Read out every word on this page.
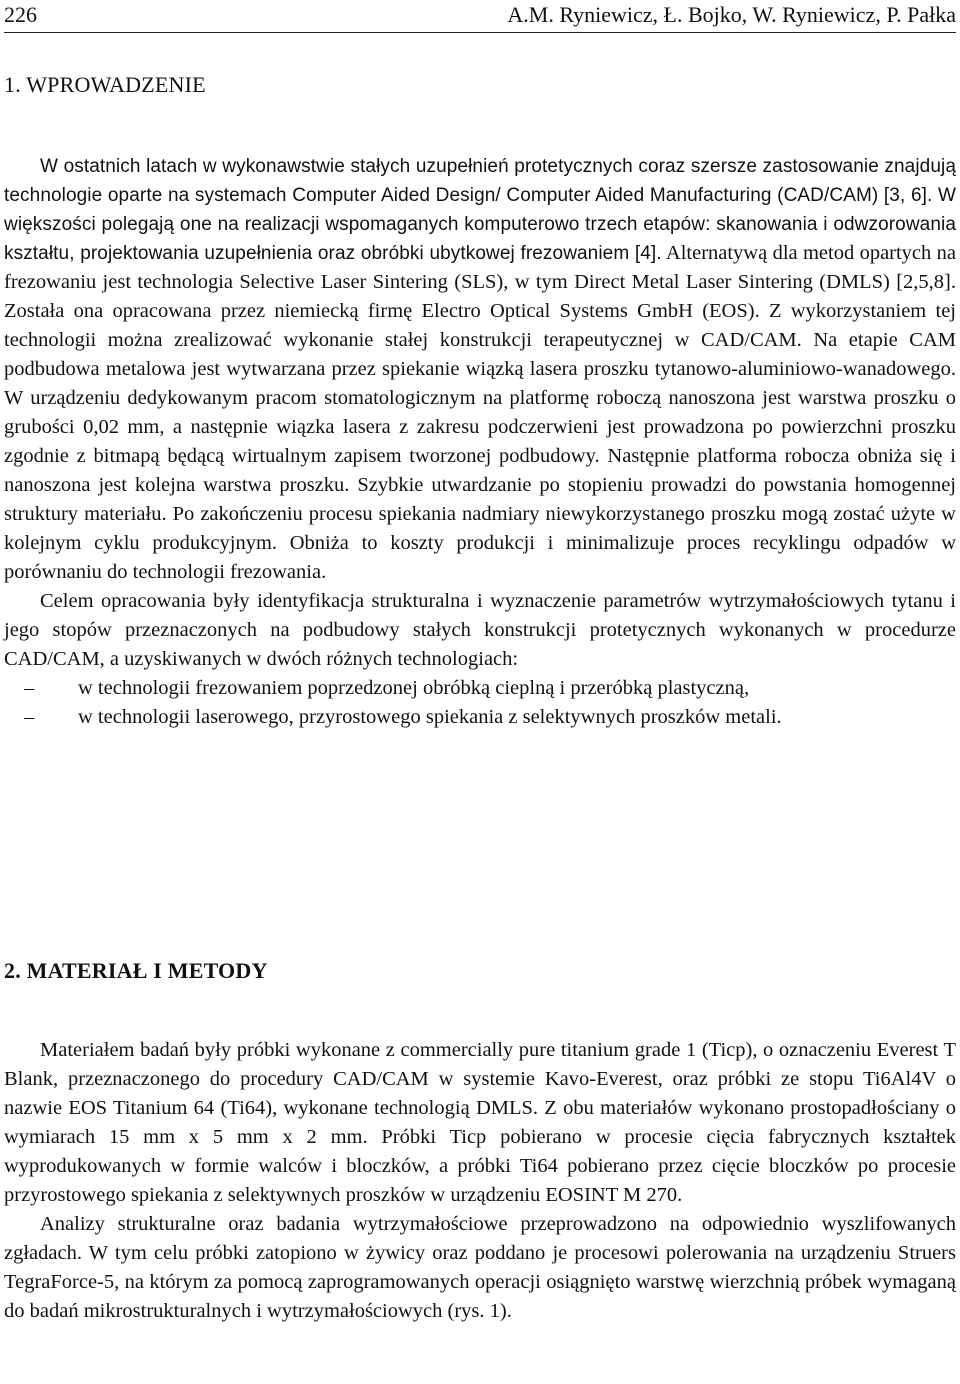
226	A.M. Ryniewicz, Ł. Bojko, W. Ryniewicz, P. Pałka
1. WPROWADZENIE

W ostatnich latach w wykonawstwie stałych uzupełnień protetycznych coraz szersze zastosowanie znajdują technologie oparte na systemach Computer Aided Design/ Computer Aided Manufacturing (CAD/CAM) [3, 6]. W większości polegają one na realizacji wspomaganych komputerowo trzech etapów: skanowania i odwzorowania kształtu, projektowania uzupełnienia oraz obróbki ubytkowej frezowaniem [4]. Alternatywą dla metod opartych na frezowaniu jest technologia Selective Laser Sintering (SLS), w tym Direct Metal Laser Sintering (DMLS) [2,5,8]. Została ona opracowana przez niemiecką firmę Electro Optical Systems GmbH (EOS). Z wykorzystaniem tej technologii można zrealizować wykonanie stałej konstrukcji terapeutycznej w CAD/CAM. Na etapie CAM podbudowa metalowa jest wytwarzana przez spiekanie wiązką lasera proszku tytanowo-aluminiowo-wanadowego. W urządzeniu dedykowanym pracom stomatologicznym na platformę roboczą nanoszona jest warstwa proszku o grubości 0,02 mm, a następnie wiązka lasera z zakresu podczerwieni jest prowadzona po powierzchni proszku zgodnie z bitmapą będącą wirtualnym zapisem tworzonej podbudowy. Następnie platforma robocza obniża się i nanoszona jest kolejna warstwa proszku. Szybkie utwardzanie po stopieniu prowadzi do powstania homogennej struktury materiału. Po zakończeniu procesu spiekania nadmiary niewykorzystanego proszku mogą zostać użyte w kolejnym cyklu produkcyjnym. Obniża to koszty produkcji i minimalizuje proces recyklingu odpadów w porównaniu do technologii frezowania.

Celem opracowania były identyfikacja strukturalna i wyznaczenie parametrów wytrzymałościowych tytanu i jego stopów przeznaczonych na podbudowy stałych konstrukcji protetycznych wykonanych w procedurze CAD/CAM, a uzyskiwanych w dwóch różnych technologiach:

– w technologii frezowaniem poprzedzonej obróbką cieplną i przeróbką plastyczną,
– w technologii laserowego, przyrostowego spiekania z selektywnych proszków metali.
2. MATERIAŁ I METODY

Materiałem badań były próbki wykonane z commercially pure titanium grade 1 (Ticp), o oznaczeniu Everest T Blank, przeznaczonego do procedury CAD/CAM w systemie Kavo-Everest, oraz próbki ze stopu Ti6Al4V o nazwie EOS Titanium 64 (Ti64), wykonane technologią DMLS. Z obu materiałów wykonano prostopadłościany o wymiarach 15 mm x 5 mm x 2 mm. Próbki Ticp pobierano w procesie cięcia fabrycznych kształtek wyprodukowanych w formie walców i bloczków, a próbki Ti64 pobierano przez cięcie bloczków po procesie przyrostowego spiekania z selektywnych proszków w urządzeniu EOSINT M 270.

Analizy strukturalne oraz badania wytrzymałościowe przeprowadzono na odpowiednio wyszlifowanych zgładach. W tym celu próbki zatopiono w żywicy oraz poddano je procesowi polerowania na urządzeniu Struers TegraForce-5, na którym za pomocą zaprogramowanych operacji osiągnięto warstwę wierzchnią próbek wymaganą do badań mikrostrukturalnych i wytrzymałościowych (rys. 1).
